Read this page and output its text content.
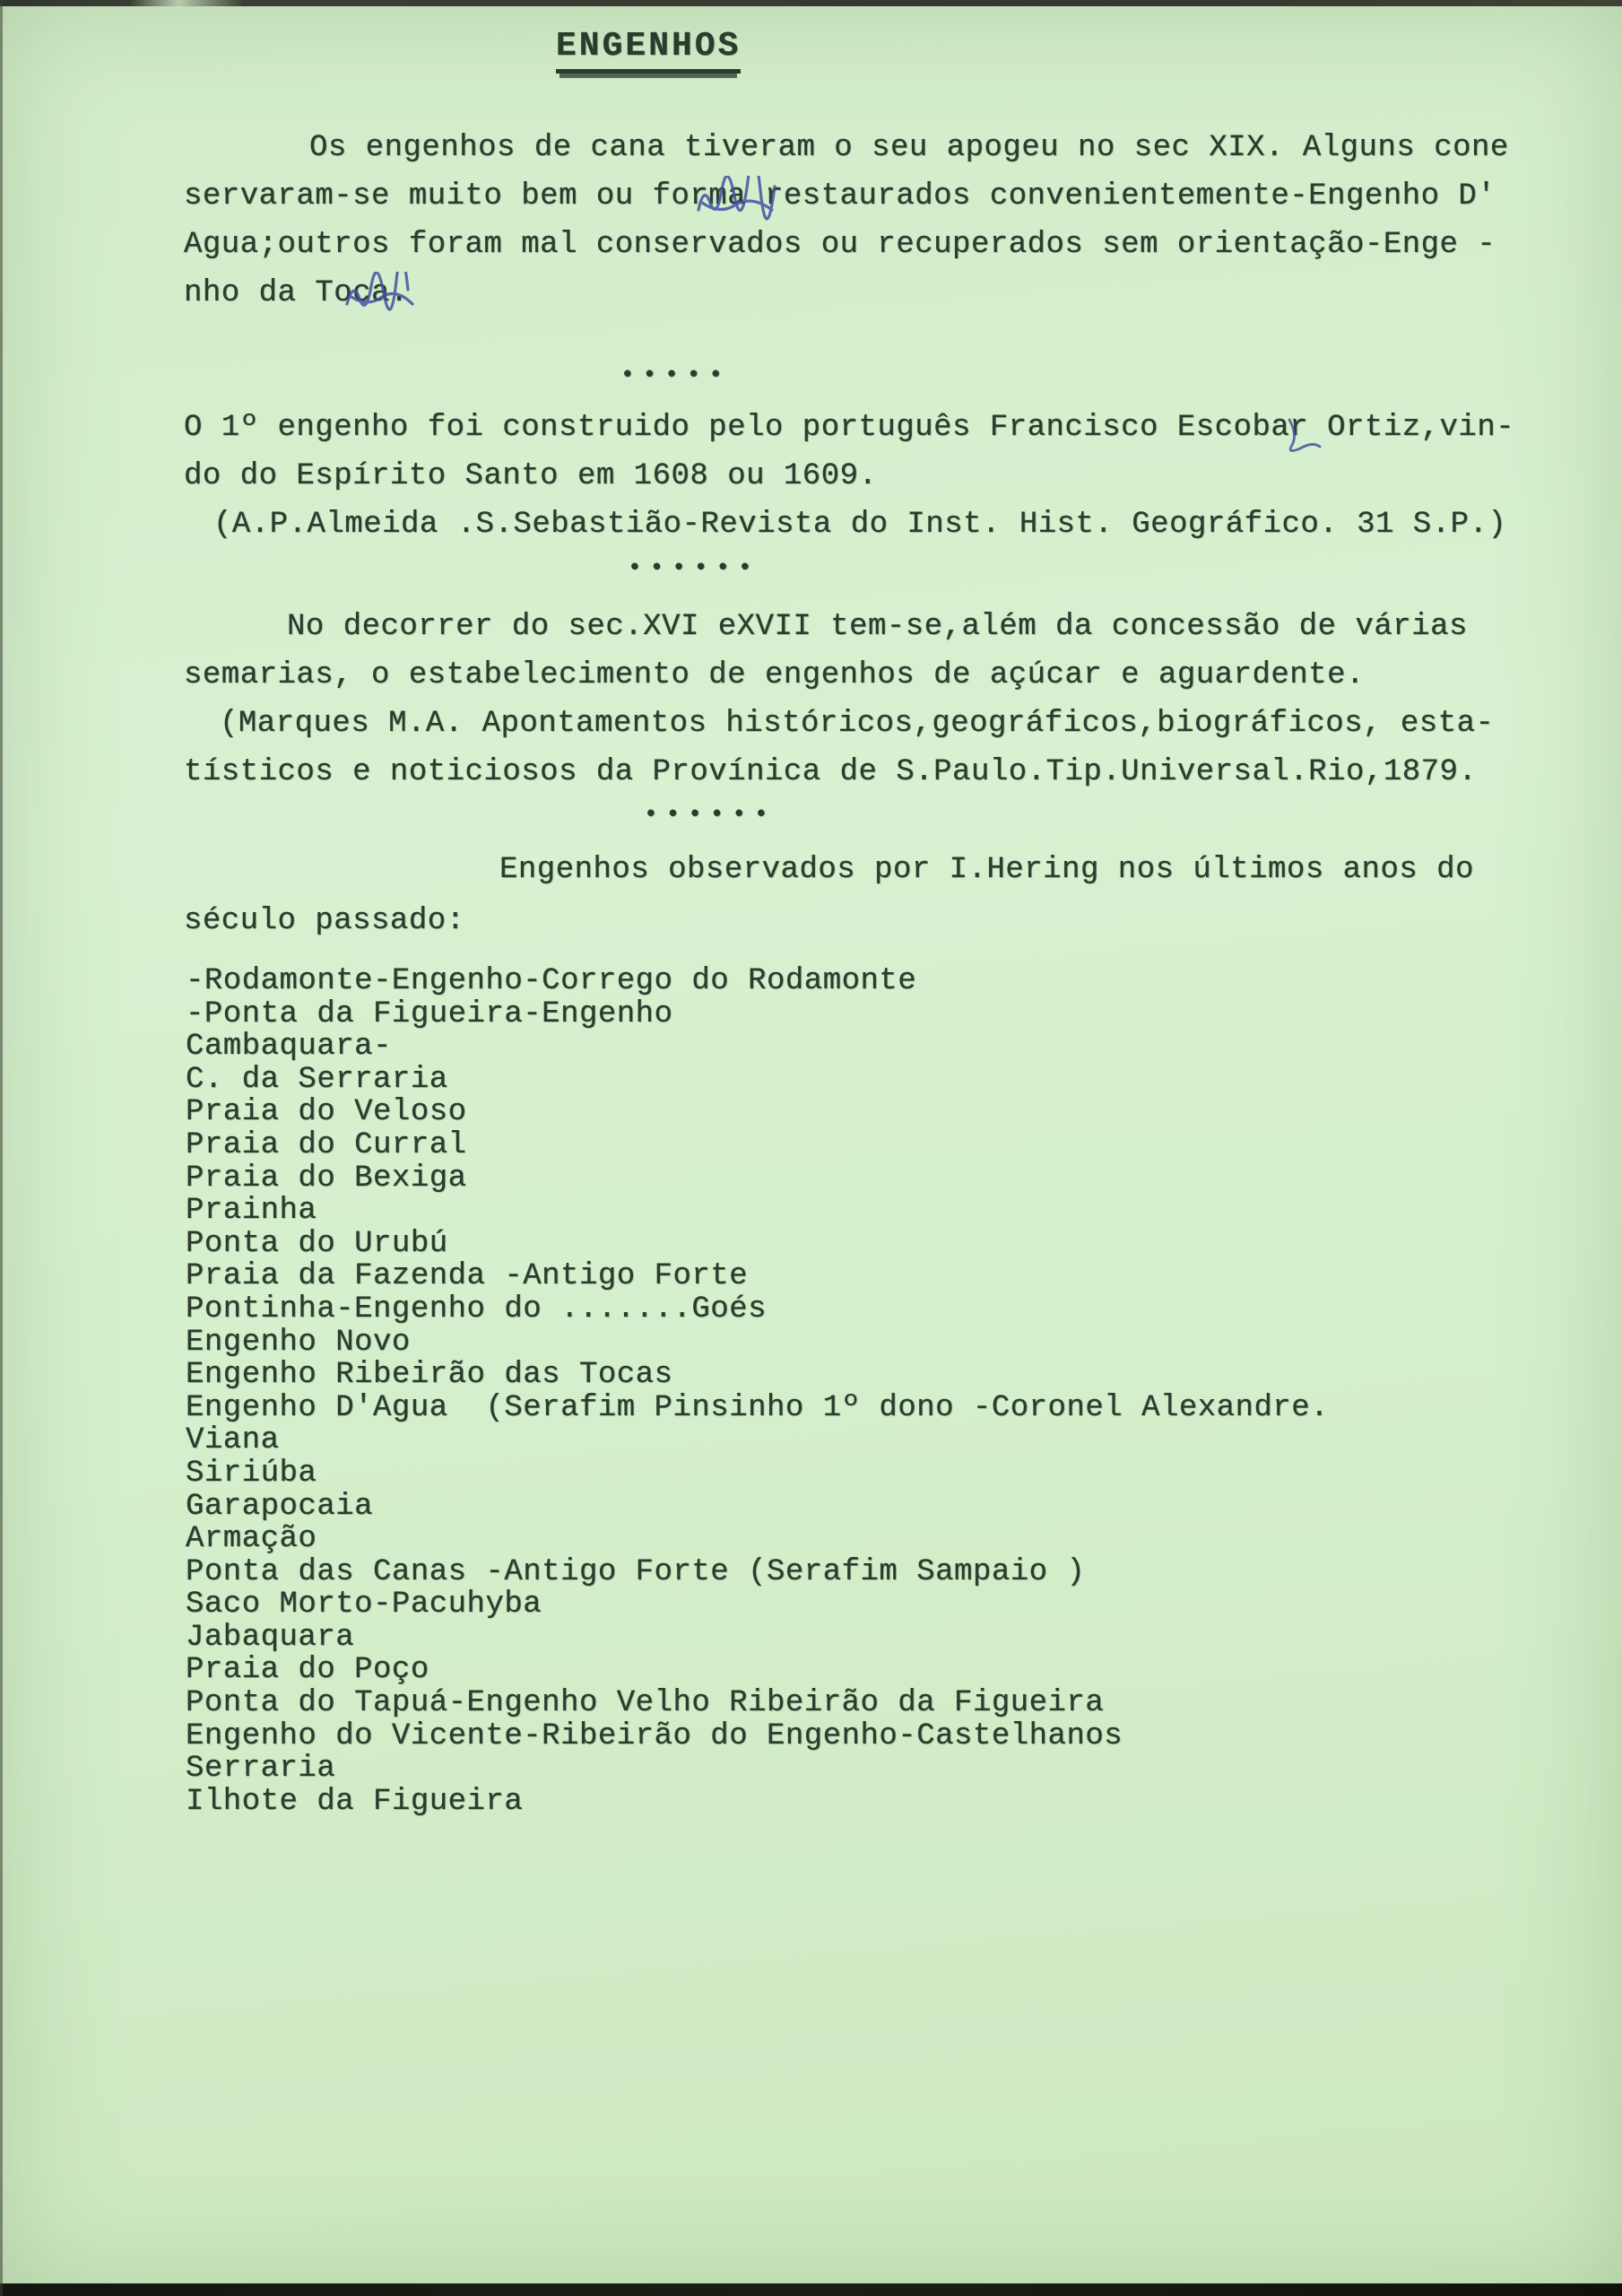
ENGENHOS
Os engenhos de cana tiveram o seu apogeu no sec XIX. Alguns cone
servaram-se muito bem ou forma restaurados convenientemente-Engenho D'
Agua;outros foram mal conservados ou recuperados sem orientação-Enge -
nho da Toca.
•••••
O 1º engenho foi construido pelo português Francisco Escobar Ortiz,vin-
do do Espírito Santo em 1608 ou 1609.
(A.P.Almeida .S.Sebastião-Revista do Inst. Hist. Geográfico. 31 S.P.)
••••••
No decorrer do sec.XVI eXVII tem-se,além da concessão de várias
semarias, o estabelecimento de engenhos de açúcar e aguardente.
(Marques M.A. Apontamentos históricos,geográficos,biográficos, esta-
tísticos e noticiosos da Provínica de S.Paulo.Tip.Universal.Rio,1879.
••••••
Engenhos observados por I.Hering nos últimos anos do
século passado:
-Rodamonte-Engenho-Corrego do Rodamonte
-Ponta da Figueira-Engenho
Cambaquara-
C. da Serraria
Praia do Veloso
Praia do Curral
Praia do Bexiga
Prainha
Ponta do Urubú
Praia da Fazenda -Antigo Forte
Pontinha-Engenho do .......Goés
Engenho Novo
Engenho Ribeirão das Tocas
Engenho D'Agua  (Serafim Pinsinho 1º dono -Coronel Alexandre.
Viana
Siriúba
Garapocaia
Armação
Ponta das Canas -Antigo Forte (Serafim Sampaio )
Saco Morto-Pacuhyba
Jabaquara
Praia do Poço
Ponta do Tapuá-Engenho Velho Ribeirão da Figueira
Engenho do Vicente-Ribeirão do Engenho-Castelhanos
Serraria
Ilhote da Figueira
